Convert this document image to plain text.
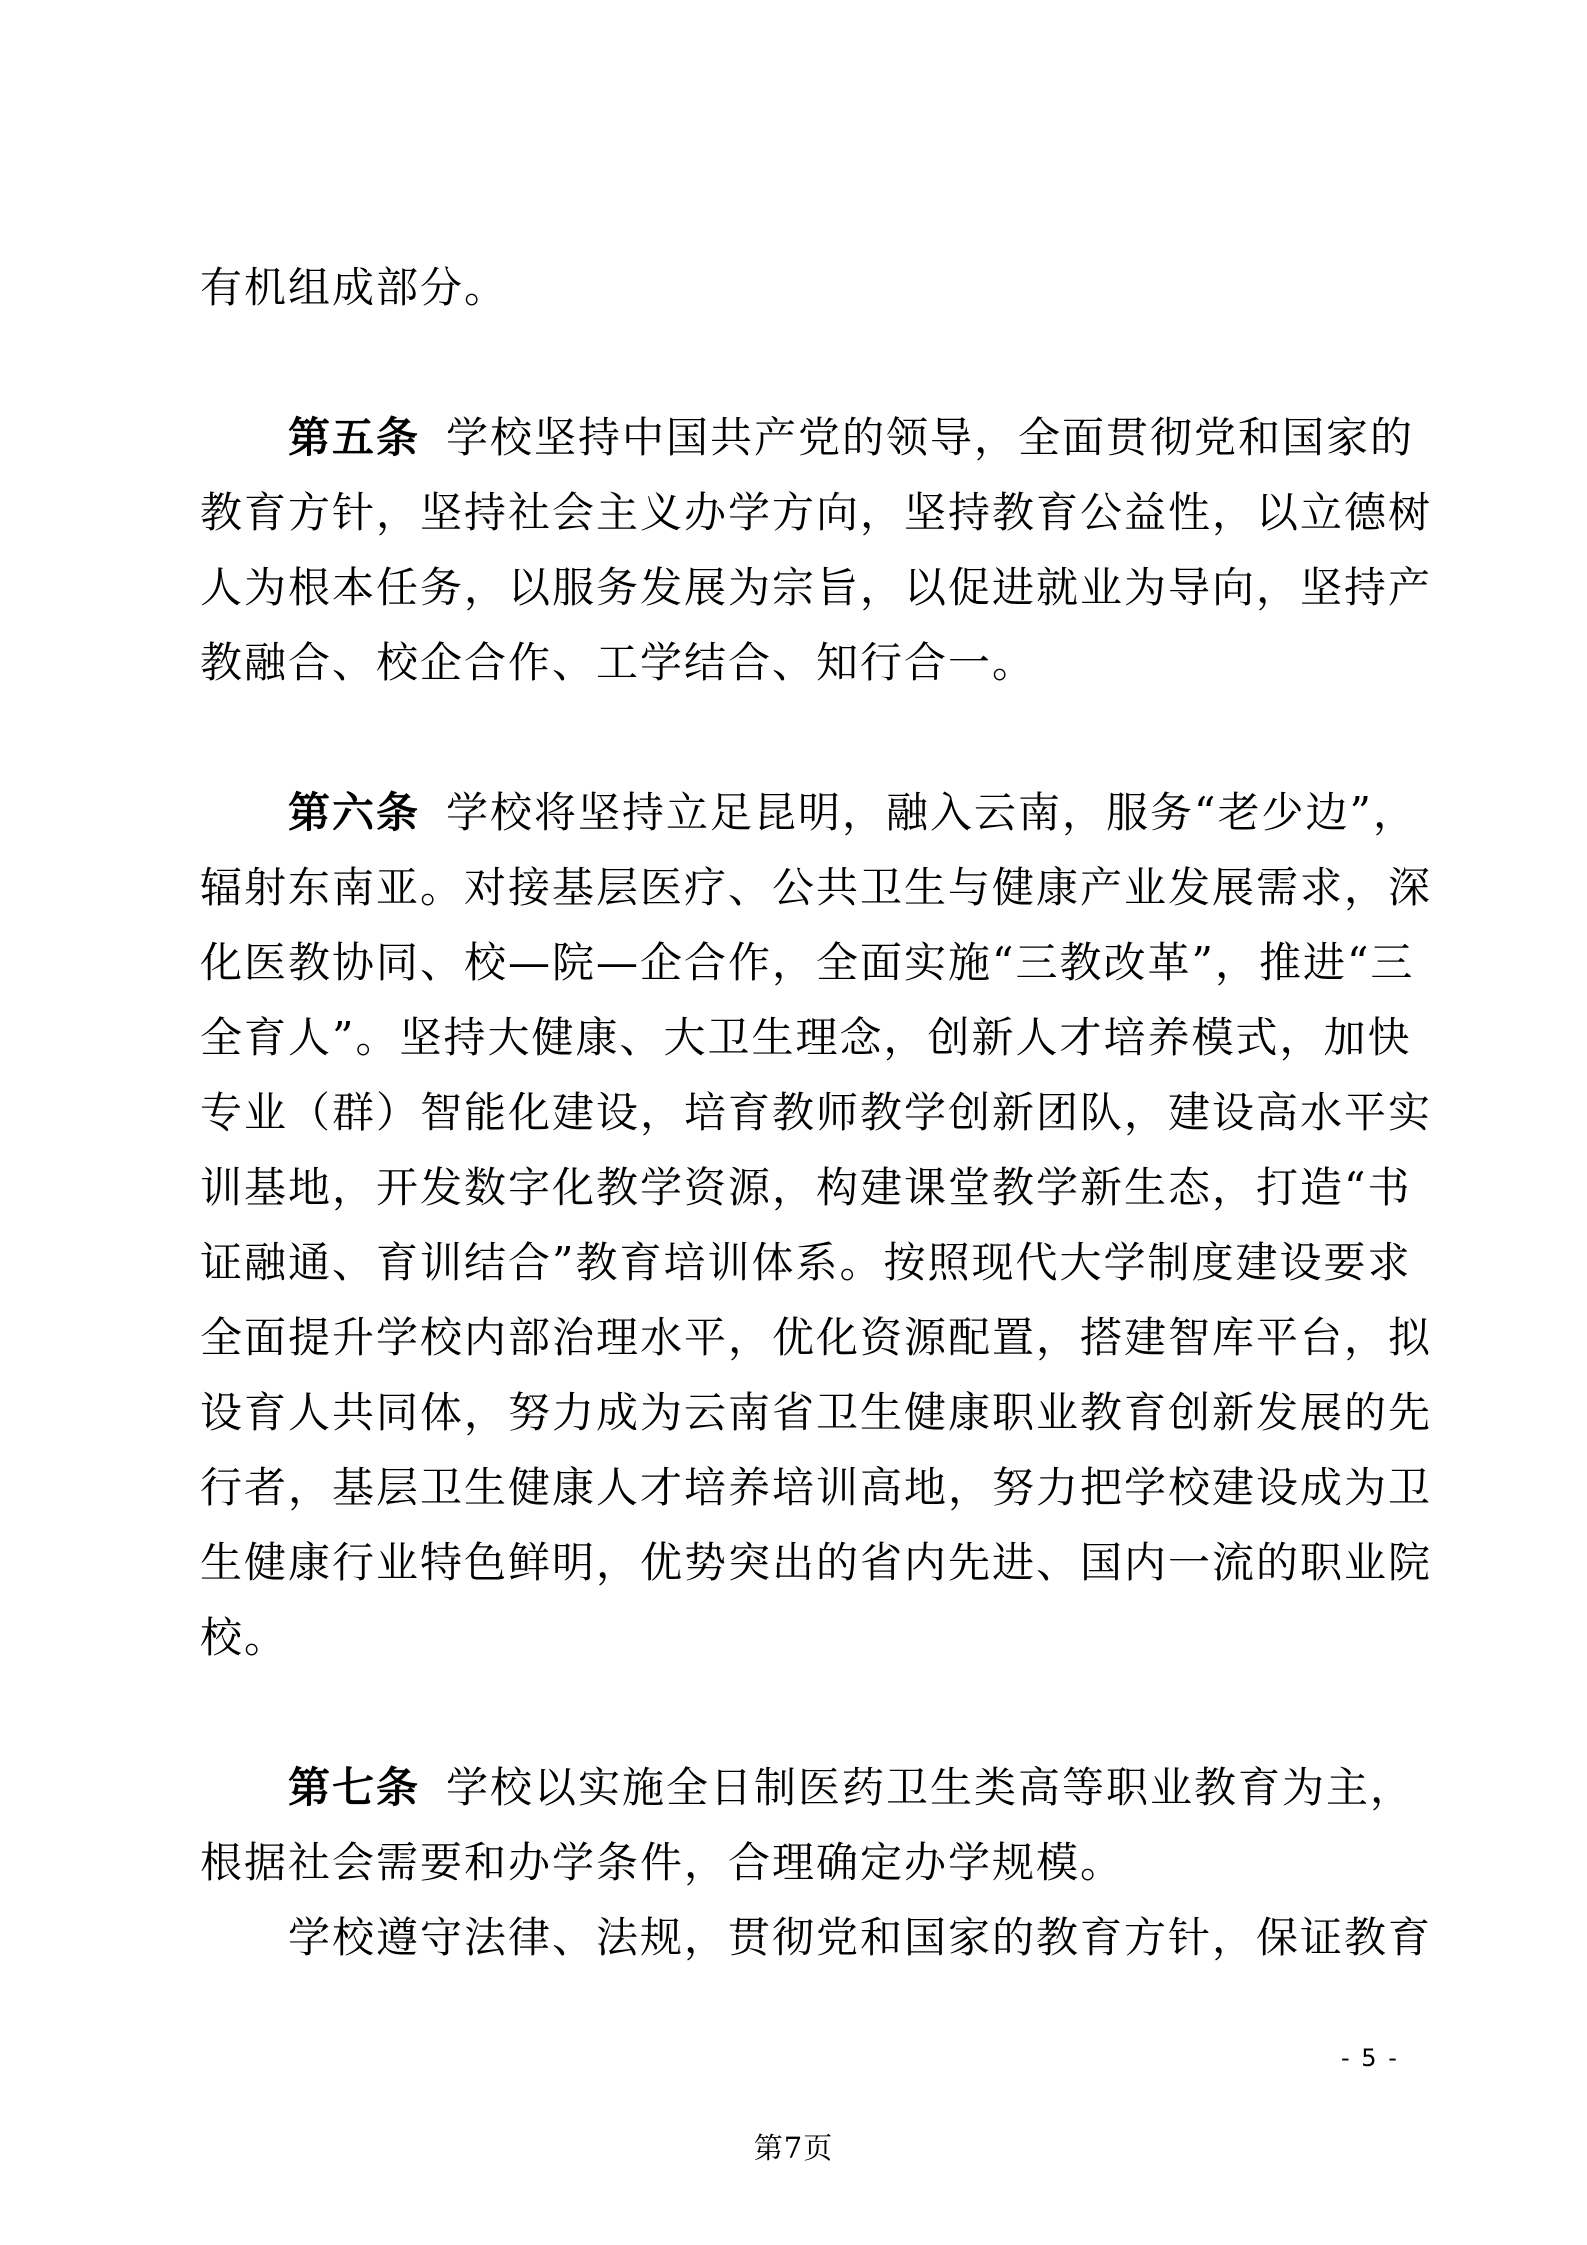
有机组成部分。
第五条 学校坚持中国共产党的领导，全面贯彻党和国家的
教育方针，坚持社会主义办学方向，坚持教育公益性，以立德树
人为根本任务，以服务发展为宗旨，以促进就业为导向，坚持产
教融合、校企合作、工学结合、知行合一。
第六条 学校将坚持立足昆明，融入云南，服务“老少边”，
辐射东南亚。对接基层医疗、公共卫生与健康产业发展需求，深
化医教协同、校—院—企合作，全面实施“三教改革”，推进“三
全育人”。坚持大健康、大卫生理念，创新人才培养模式，加快
专业（群）智能化建设，培育教师教学创新团队，建设高水平实
训基地，开发数字化教学资源，构建课堂教学新生态，打造“书
证融通、育训结合”教育培训体系。按照现代大学制度建设要求
全面提升学校内部治理水平，优化资源配置，搭建智库平台，拟
设育人共同体，努力成为云南省卫生健康职业教育创新发展的先
行者，基层卫生健康人才培养培训高地，努力把学校建设成为卫
生健康行业特色鲜明，优势突出的省内先进、国内一流的职业院
校。
第七条 学校以实施全日制医药卫生类高等职业教育为主，
根据社会需要和办学条件，合理确定办学规模。
学校遵守法律、法规，贯彻党和国家的教育方针，保证教育
- 5 -
第7页
